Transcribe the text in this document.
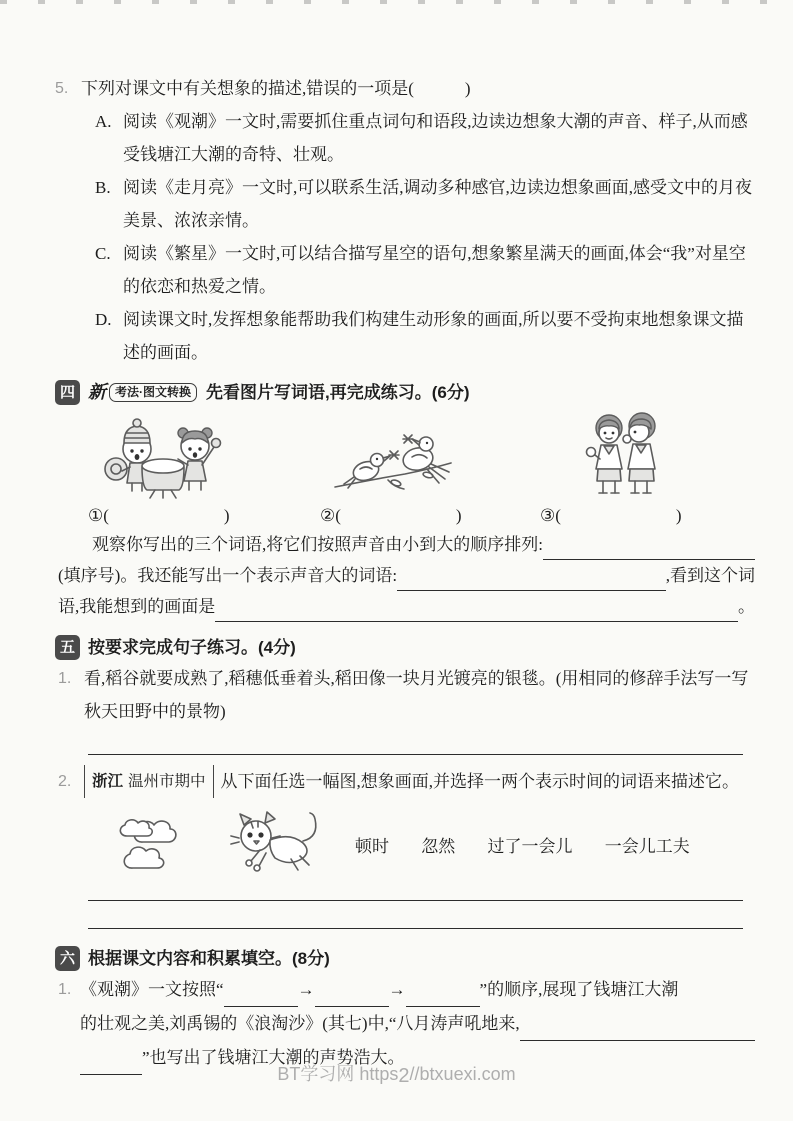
5. 下列对课文中有关想象的描述,错误的一项是(　　　)
A. 阅读《观潮》一文时,需要抓住重点词句和语段,边读边想象大潮的声音、样子,从而感受钱塘江大潮的奇特、壮观。
B. 阅读《走月亮》一文时,可以联系生活,调动多种感官,边读边想象画面,感受文中的月夜美景、浓浓亲情。
C. 阅读《繁星》一文时,可以结合描写星空的语句,想象繁星满天的画面,体会“我”对星空的依恋和热爱之情。
D. 阅读课文时,发挥想象能帮助我们构建生动形象的画面,所以要不受拘束地想象课文描述的画面。
四 新 考法·图文转换 先看图片写词语,再完成练习。(6分)
①(	)	②(	)	③(	)
观察你写出的三个词语,将它们按照声音由小到大的顺序排列:
(填序号)。我还能写出一个表示声音大的词语:	,看到这个词
语,我能想到的画面是	。
五 按要求完成句子练习。(4分)
1. 看,稻谷就要成熟了,稻穗低垂着头,稻田像一块月光镀亮的银毯。(用相同的修辞手法写一写秋天田野中的景物)
2.	浙江 温州市期中 从下面任选一幅图,想象画面,并选择一两个表示时间的词语来描述它。
顿时 忽然 过了一会儿 一会儿工夫
六 根据课文内容和积累填空。(8分)
1. 《观潮》一文按照“	→	→	”的顺序,展现了钱塘江大潮
的壮观之美,刘禹锡的《浪淘沙》(其七)中,“八月涛声吼地来,
”也写出了钱塘江大潮的声势浩大。
BT学习网 https2//btxuexi.com
